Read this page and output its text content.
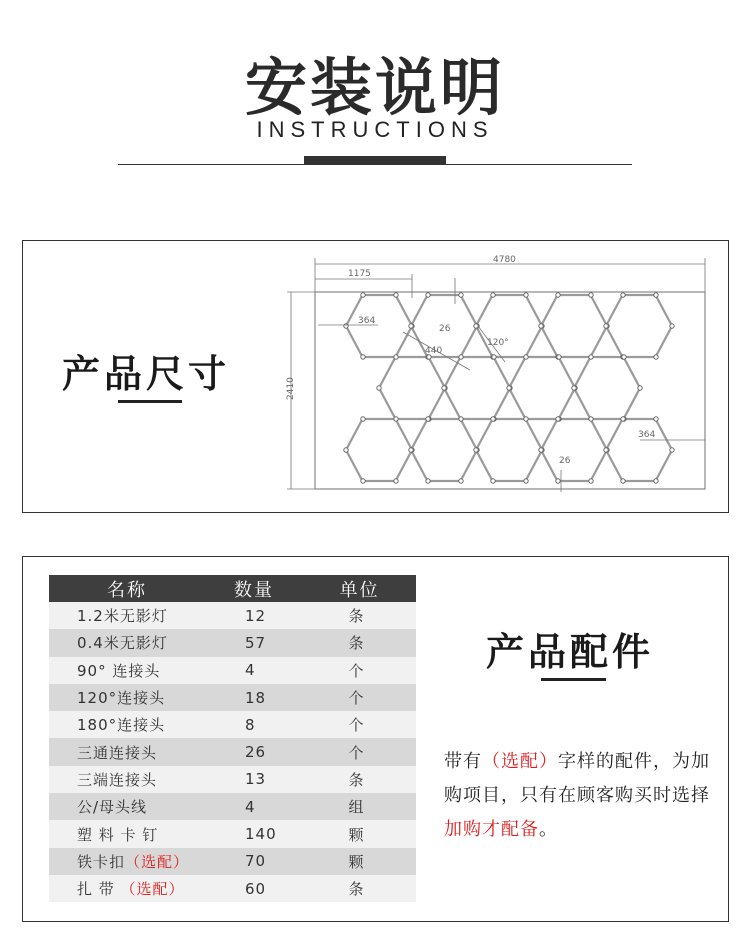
安装说明
INSTRUCTIONS
产品尺寸
4780
1175
2410
364
364
26
26
440
120°
名称	数量	单位
1.2米无影灯	12	条
0.4米无影灯	57	条
90° 连接头	4	个
120°连接头	18	个
180°连接头	8	个
三通连接头	26	个
三端连接头	13	条
公/母头线	4	组
塑 料 卡 钉	140	颗
铁卡扣（选配）	70	颗
扎 带 （选配）	60	条
产品配件
带有（选配）字样的配件，为加购项目，只有在顾客购买时选择加购才配备。
